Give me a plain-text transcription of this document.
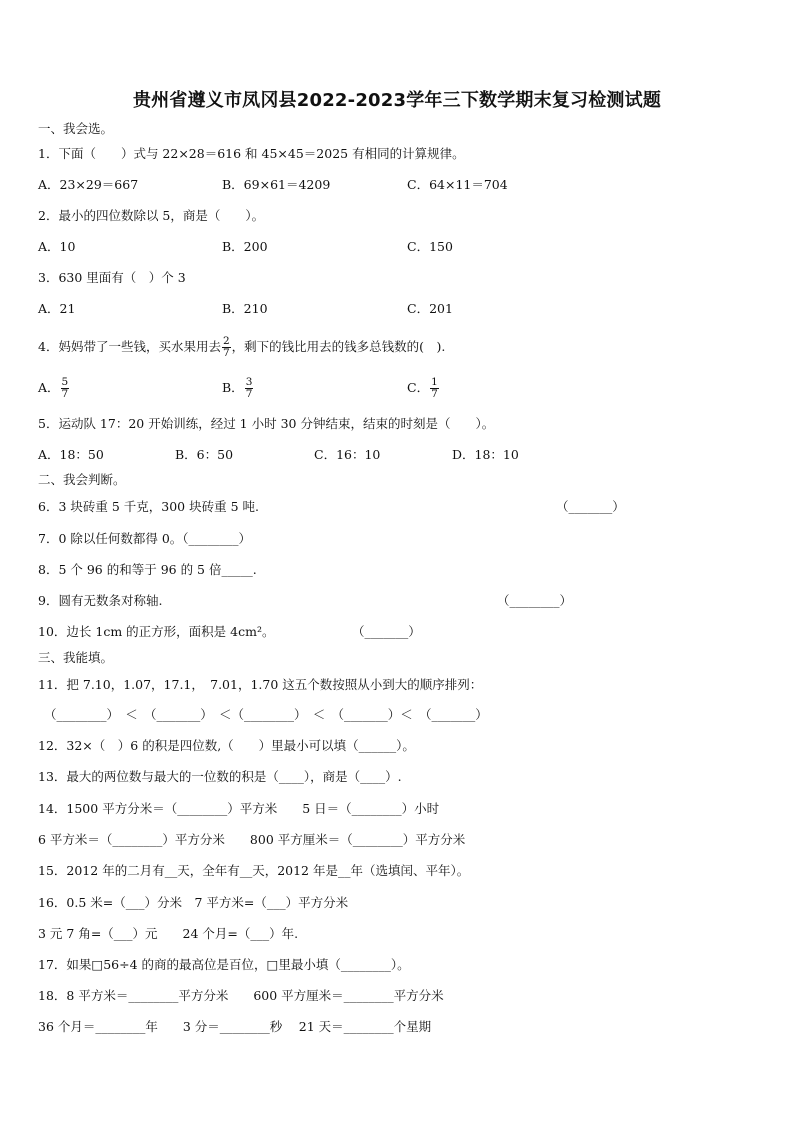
贵州省遵义市凤冈县2022-2023学年三下数学期末复习检测试题
一、我会选。
1．下面（　　）式与 22×28＝616 和 45×45＝2025 有相同的计算规律。
A．23×29＝667	B．69×61＝4209	C．64×11＝704
2．最小的四位数除以 5，商是（　　）。
A．10	B．200	C．150
3．630 里面有（　）个 3
A．21	B．210	C．201
4．妈妈带了一些钱，买水果用去 $\frac{2}{7}$ ，剩下的钱比用去的钱多总钱数的(　).
A． $\frac{5}{7}$	B． $\frac{3}{7}$	C． $\frac{1}{7}$
5．运动队 17：20 开始训练，经过 1 小时 30 分钟结束，结束的时刻是（　　）。
A．18：50	B．6：50	C．16：10	D．18：10
二、我会判断。
6．3 块砖重 5 千克，300 块砖重 5 吨.	（_______）
7．0 除以任何数都得 0。（________）
8．5 个 96 的和等于 96 的 5 倍_____.
9．圆有无数条对称轴.	（________）
10．边长 1cm 的正方形，面积是 4cm²。	（_______）
三、我能填。
11．把 7.10，1.07，17.1，　7.01，1.70 这五个数按照从小到大的顺序排列：
（________）　＜　（_______）　＜（________）　＜　（_______）＜　（_______）
12．32×（　）6 的积是四位数,（　　）里最小可以填（______）。
13．最大的两位数与最大的一位数的积是（____），商是（____）.
14．1500 平方分米＝（________）平方米　　5 日＝（________）小时
6 平方米＝（________）平方分米　　800 平方厘米＝（________）平方分米
15．2012 年的二月有__天，全年有__天，2012 年是__年（选填闰、平年）。
16．0.5 米=（___）分米　7 平方米=（___）平方分米
3 元 7 角=（___）元　　24 个月=（___）年.
17．如果□56÷4 的商的最高位是百位，□里最小填（________）。
18．8 平方米＝________平方分米　　600 平方厘米＝________平方分米
36 个月＝________年　　3 分＝________秒　 21 天＝________个星期
